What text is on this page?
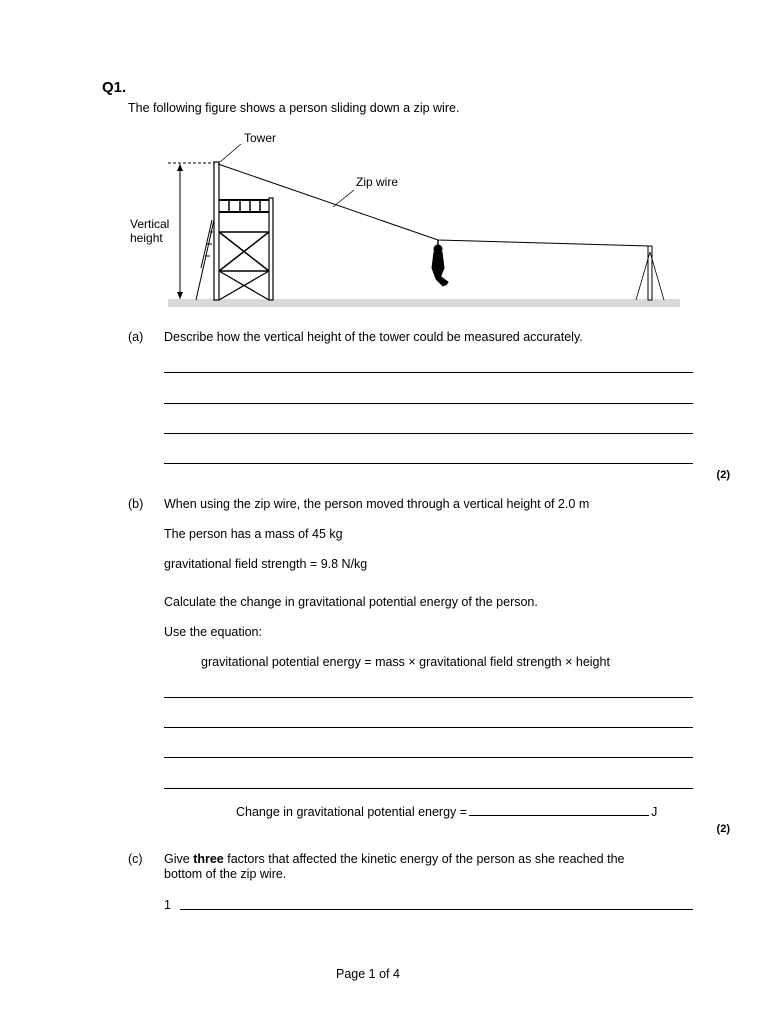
Q1.
The following figure shows a person sliding down a zip wire.
Tower
Zip wire
Vertical
height
(a) Describe how the vertical height of the tower could be measured accurately.
(2)
(b) When using the zip wire, the person moved through a vertical height of 2.0 m
The person has a mass of 45 kg
gravitational field strength = 9.8 N/kg
Calculate the change in gravitational potential energy of the person.
Use the equation:
gravitational potential energy = mass × gravitational field strength × height
Change in gravitational potential energy =	J
(2)
(c) Give three factors that affected the kinetic energy of the person as she reached the
bottom of the zip wire.
1
Page 1 of 4
